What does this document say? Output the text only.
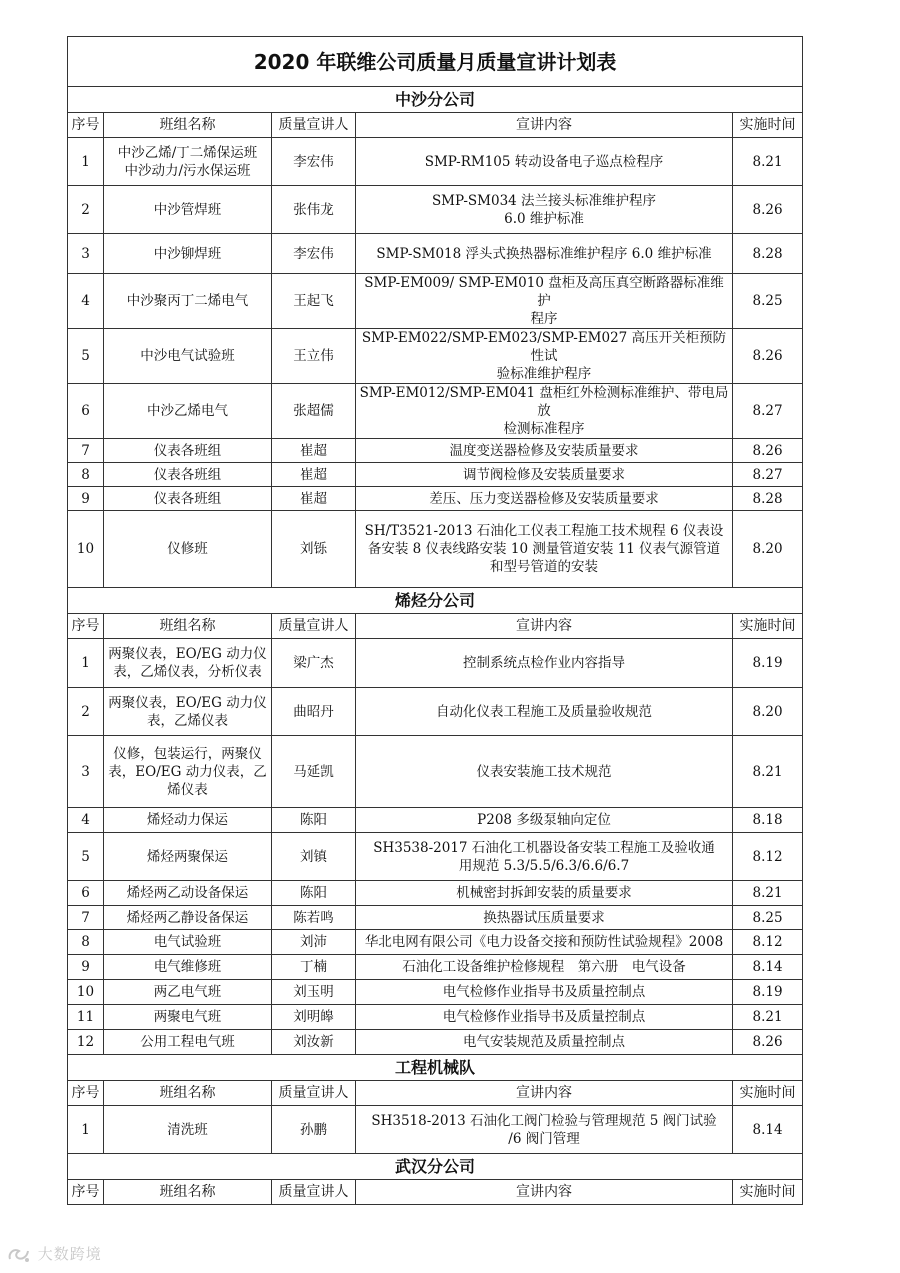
2020 年联维公司质量月质量宣讲计划表				
中沙分公司				
序号	班组名称	质量宣讲人	宣讲内容	实施时间
1	中沙乙烯/丁二烯保运班
中沙动力/污水保运班	李宏伟	SMP-RM105 转动设备电子巡点检程序	8.21
2	中沙管焊班	张伟龙	SMP-SM034 法兰接头标准维护程序
6.0 维护标准	8.26
3	中沙铆焊班	李宏伟	SMP-SM018 浮头式换热器标准维护程序 6.0 维护标准	8.28
4	中沙聚丙丁二烯电气	王起飞	SMP-EM009/ SMP-EM010 盘柜及高压真空断路器标准维护
程序	8.25
5	中沙电气试验班	王立伟	SMP-EM022/SMP-EM023/SMP-EM027 高压开关柜预防性试
验标准维护程序	8.26
6	中沙乙烯电气	张超儒	SMP-EM012/SMP-EM041 盘柜红外检测标准维护、带电局放
检测标准程序	8.27
7	仪表各班组	崔超	温度变送器检修及安装质量要求	8.26
8	仪表各班组	崔超	调节阀检修及安装质量要求	8.27
9	仪表各班组	崔超	差压、压力变送器检修及安装质量要求	8.28
10	仪修班	刘铄	SH/T3521-2013 石油化工仪表工程施工技术规程 6 仪表设
备安装 8 仪表线路安装 10 测量管道安装 11 仪表气源管道
和型号管道的安装	8.20
烯烃分公司				
序号	班组名称	质量宣讲人	宣讲内容	实施时间
1	两聚仪表，EO/EG 动力仪
表，乙烯仪表，分析仪表	梁广杰	控制系统点检作业内容指导	8.19
2	两聚仪表，EO/EG 动力仪
表，乙烯仪表	曲昭丹	自动化仪表工程施工及质量验收规范	8.20
3	仪修，包装运行，两聚仪
表，EO/EG 动力仪表，乙
烯仪表	马延凯	仪表安装施工技术规范	8.21
4	烯烃动力保运	陈阳	P208 多级泵轴向定位	8.18
5	烯烃两聚保运	刘镇	SH3538-2017 石油化工机器设备安装工程施工及验收通
用规范 5.3/5.5/6.3/6.6/6.7	8.12
6	烯烃两乙动设备保运	陈阳	机械密封拆卸安装的质量要求	8.21
7	烯烃两乙静设备保运	陈若鸣	换热器试压质量要求	8.25
8	电气试验班	刘沛	华北电网有限公司《电力设备交接和预防性试验规程》2008	8.12
9	电气维修班	丁楠	石油化工设备维护检修规程　第六册　电气设备	8.14
10	两乙电气班	刘玉明	电气检修作业指导书及质量控制点	8.19
11	两聚电气班	刘明皞	电气检修作业指导书及质量控制点	8.21
12	公用工程电气班	刘汝新	电气安装规范及质量控制点	8.26
工程机械队				
序号	班组名称	质量宣讲人	宣讲内容	实施时间
1	清洗班	孙鹏	SH3518-2013 石油化工阀门检验与管理规范 5 阀门试验
/6 阀门管理	8.14
武汉分公司				
序号	班组名称	质量宣讲人	宣讲内容	实施时间
大数跨境
